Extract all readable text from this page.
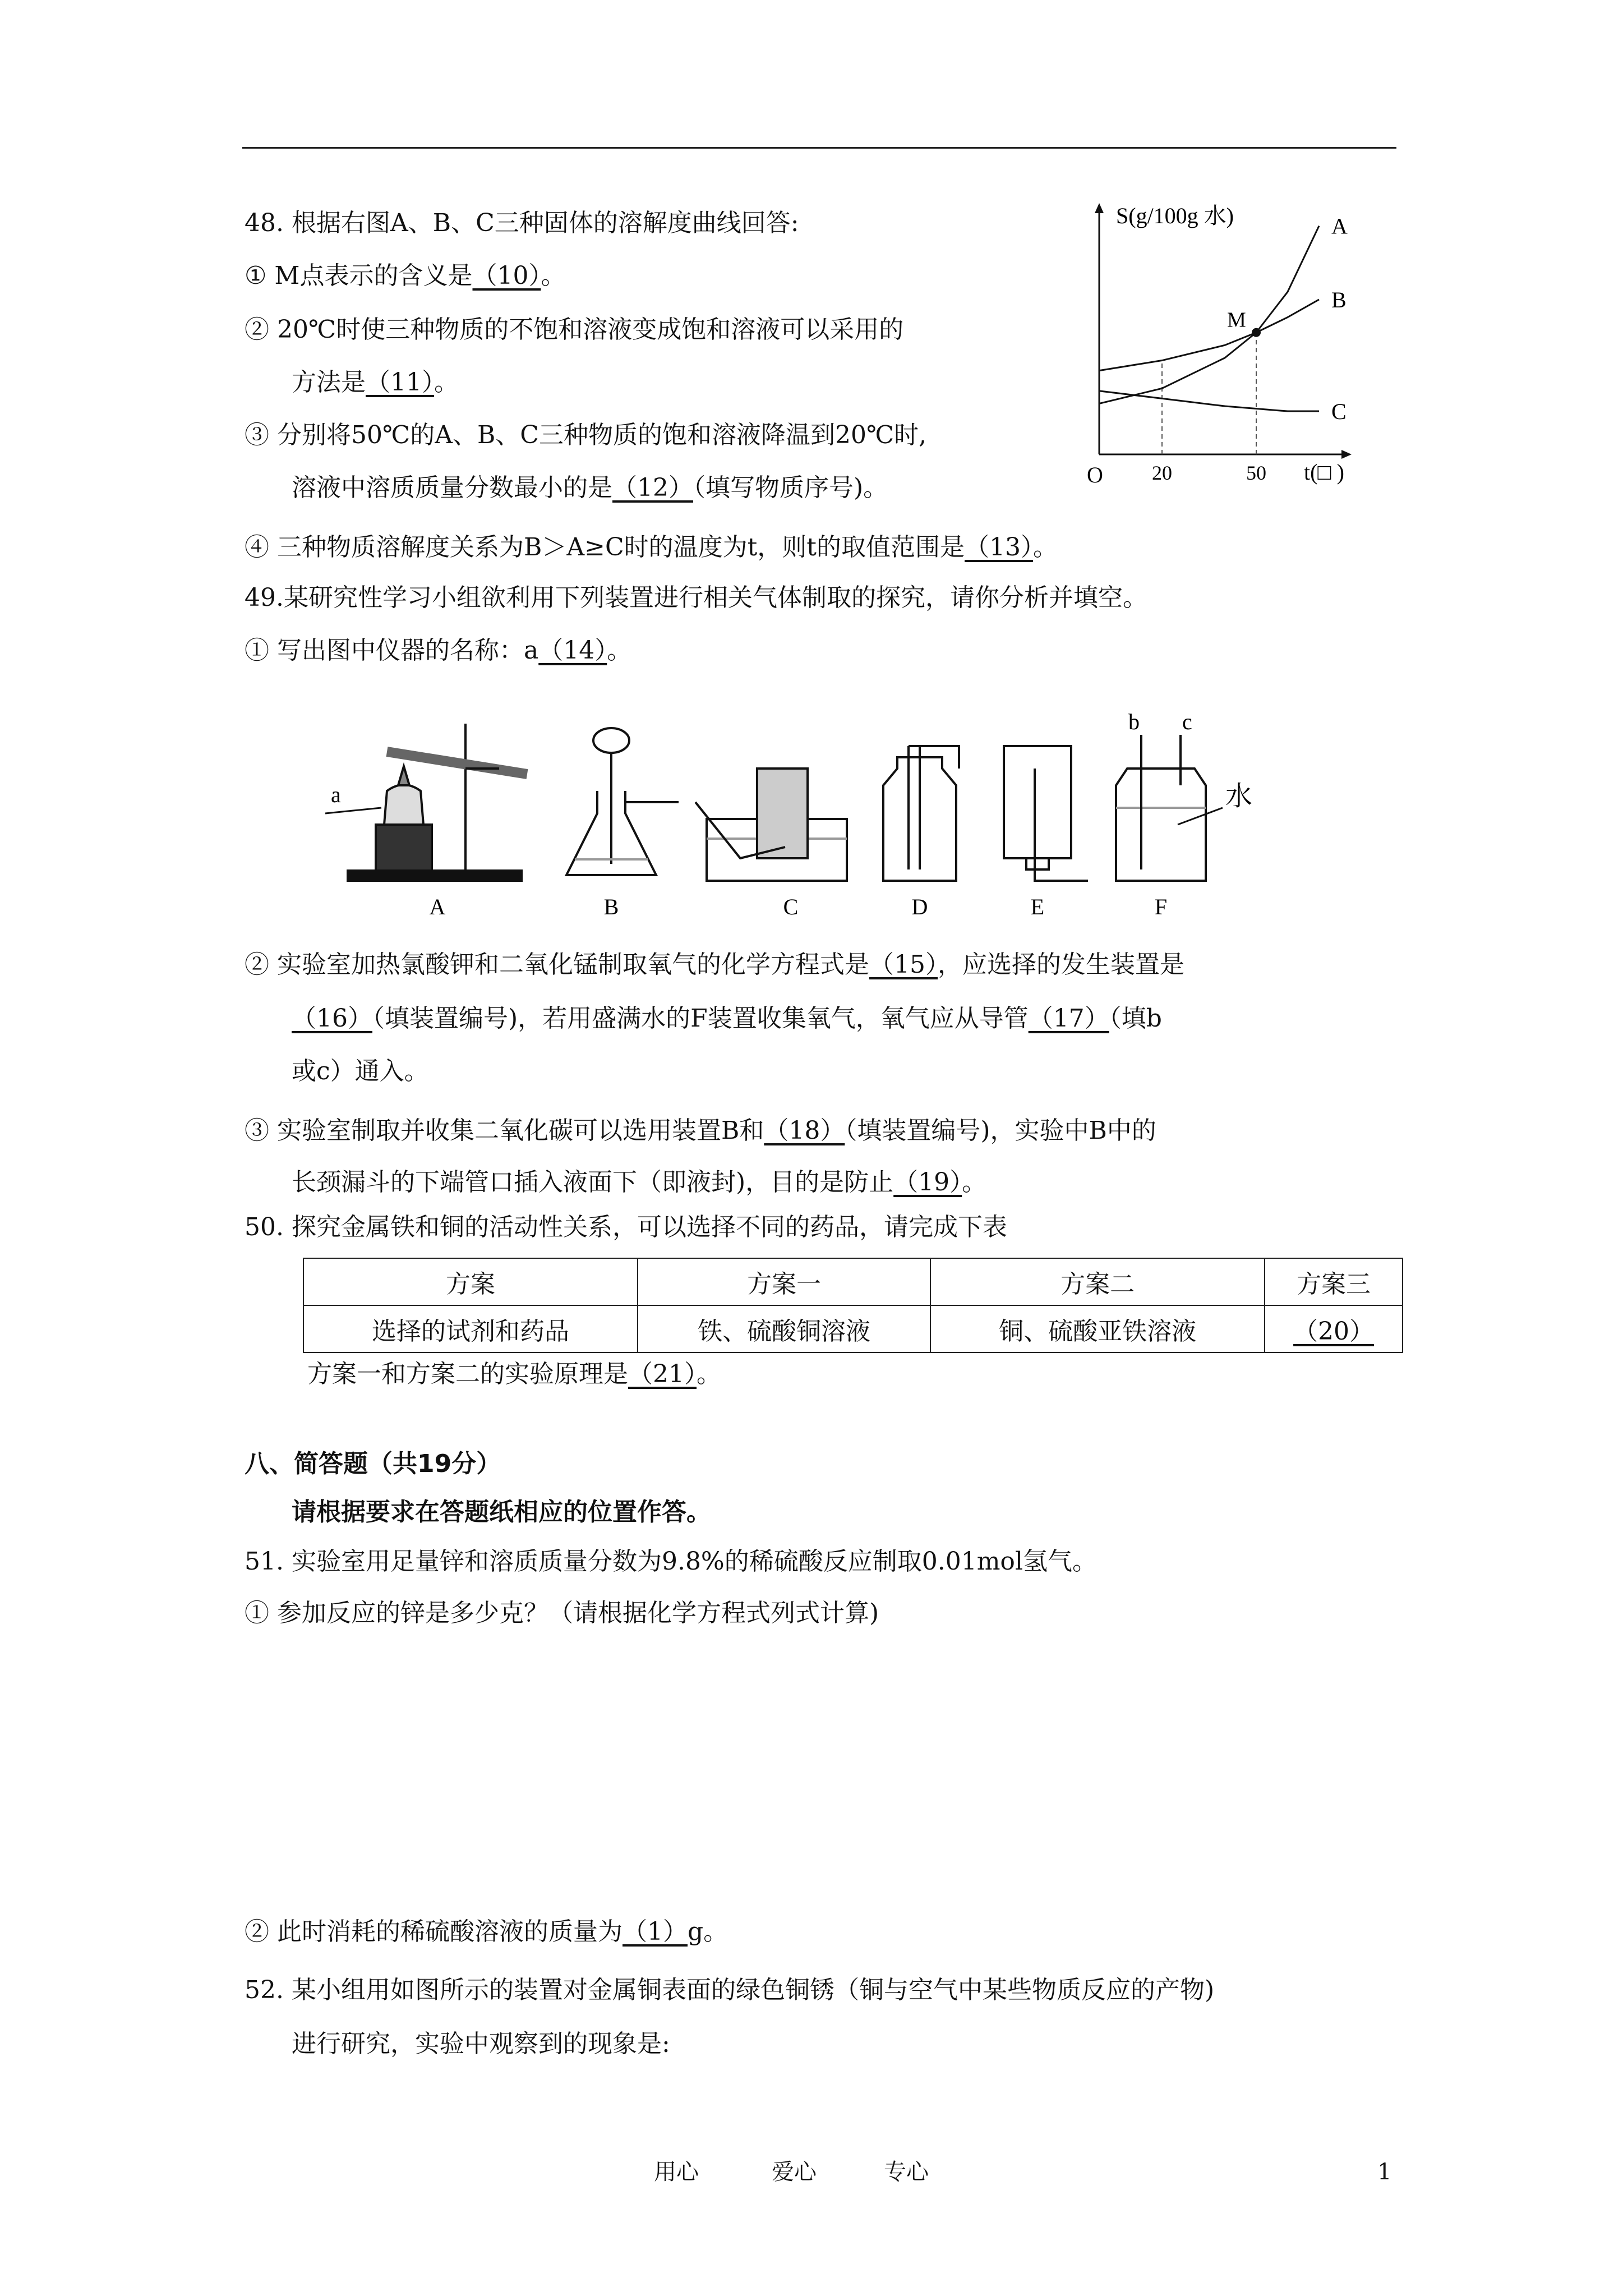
48. 根据右图A、B、C三种固体的溶解度曲线回答:
① M点表示的含义是（10）。
② 20℃时使三种物质的不饱和溶液变成饱和溶液可以采用的
方法是（11）。
③ 分别将50℃的A、B、C三种物质的饱和溶液降温到20℃时,
溶液中溶质质量分数最小的是（12）（填写物质序号)。
④ 三种物质溶解度关系为B＞A≥C时的温度为t，则t的取值范围是（13）。
S(g/100g 水)
t(□ )
O 20	50
A
B
C
M
49.某研究性学习小组欲利用下列装置进行相关气体制取的探究，请你分析并填空。
① 写出图中仪器的名称：a（14）。
a
b c
水
A	B	C	D	E	F
② 实验室加热氯酸钾和二氧化锰制取氧气的化学方程式是（15），应选择的发生装置是
（16）（填装置编号)，若用盛满水的F装置收集氧气，氧气应从导管（17）（填b
或c）通入。
③ 实验室制取并收集二氧化碳可以选用装置B和（18）（填装置编号)，实验中B中的
长颈漏斗的下端管口插入液面下（即液封)，目的是防止（19）。
50. 探究金属铁和铜的活动性关系，可以选择不同的药品，请完成下表
方案	方案一	方案二	方案三
选择的试剂和药品	铁、硫酸铜溶液	铜、硫酸亚铁溶液	（20）
方案一和方案二的实验原理是（21）。
八、简答题（共19分）
请根据要求在答题纸相应的位置作答。
51. 实验室用足量锌和溶质质量分数为9.8%的稀硫酸反应制取0.01mol氢气。
① 参加反应的锌是多少克？（请根据化学方程式列式计算)
② 此时消耗的稀硫酸溶液的质量为（1）g。
52. 某小组用如图所示的装置对金属铜表面的绿色铜锈（铜与空气中某些物质反应的产物)
进行研究，实验中观察到的现象是:
用心	爱心	专心	1
